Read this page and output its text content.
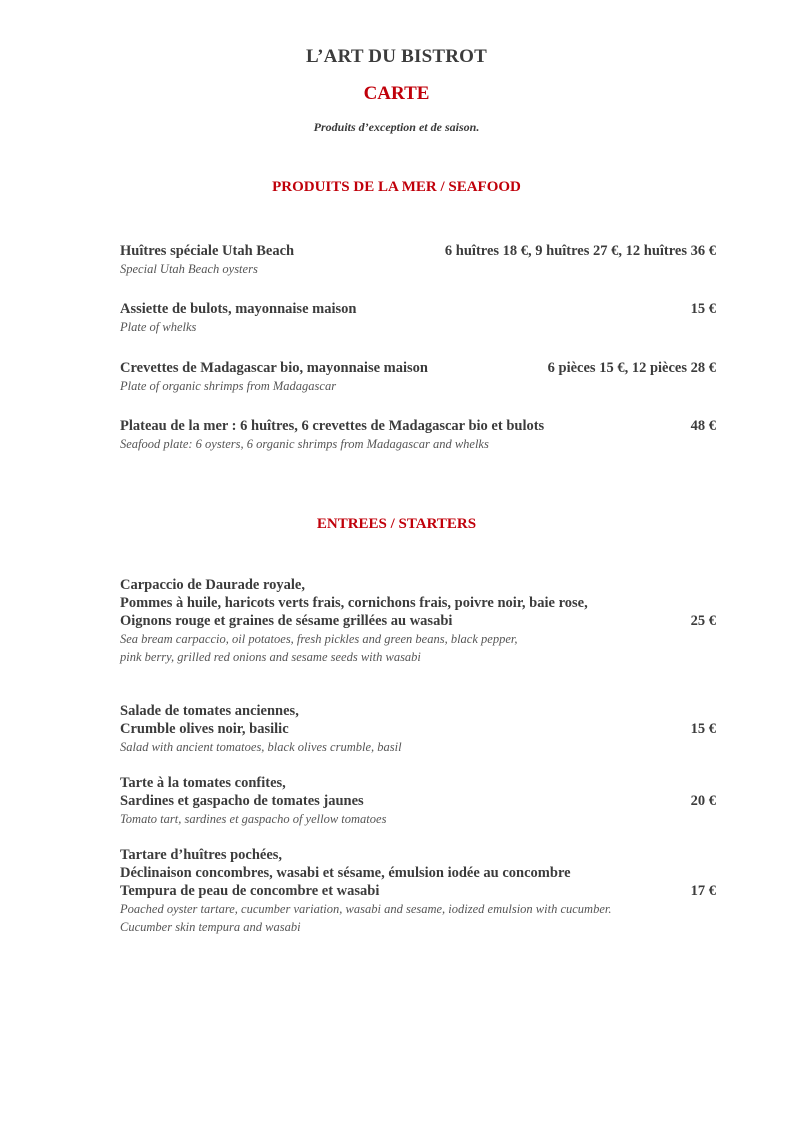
L’ART DU BISTROT
CARTE
Produits d’exception et de saison.
PRODUITS DE LA MER / SEAFOOD
Huîtres spéciale Utah Beach	6 huîtres 18 €, 9 huîtres 27 €, 12 huîtres 36 €
Special Utah Beach oysters
Assiette de bulots, mayonnaise maison	15 €
Plate of whelks
Crevettes de Madagascar bio, mayonnaise maison	6 pièces 15 €, 12 pièces 28 €
Plate of organic shrimps from Madagascar
Plateau de la mer : 6 huîtres, 6 crevettes de Madagascar bio et bulots	48 €
Seafood plate: 6 oysters, 6 organic shrimps from Madagascar and whelks
ENTREES / STARTERS
Carpaccio de Daurade royale,
Pommes à huile, haricots verts frais, cornichons frais, poivre noir, baie rose,
Oignons rouge et graines de sésame grillées au wasabi	25 €
Sea bream carpaccio, oil potatoes, fresh pickles and green beans, black pepper,
pink berry, grilled red onions and sesame seeds with wasabi
Salade de tomates anciennes,
Crumble olives noir, basilic	15 €
Salad with ancient tomatoes, black olives crumble, basil
Tarte à la tomates confites,
Sardines et gaspacho de tomates jaunes	20 €
Tomato tart, sardines et gaspacho of yellow tomatoes
Tartare d’huîtres pochées,
Déclinaison concombres, wasabi et sésame, émulsion iodée au concombre
Tempura de peau de concombre et wasabi	17 €
Poached oyster tartare, cucumber variation, wasabi and sesame, iodized emulsion with cucumber.
Cucumber skin tempura and wasabi
